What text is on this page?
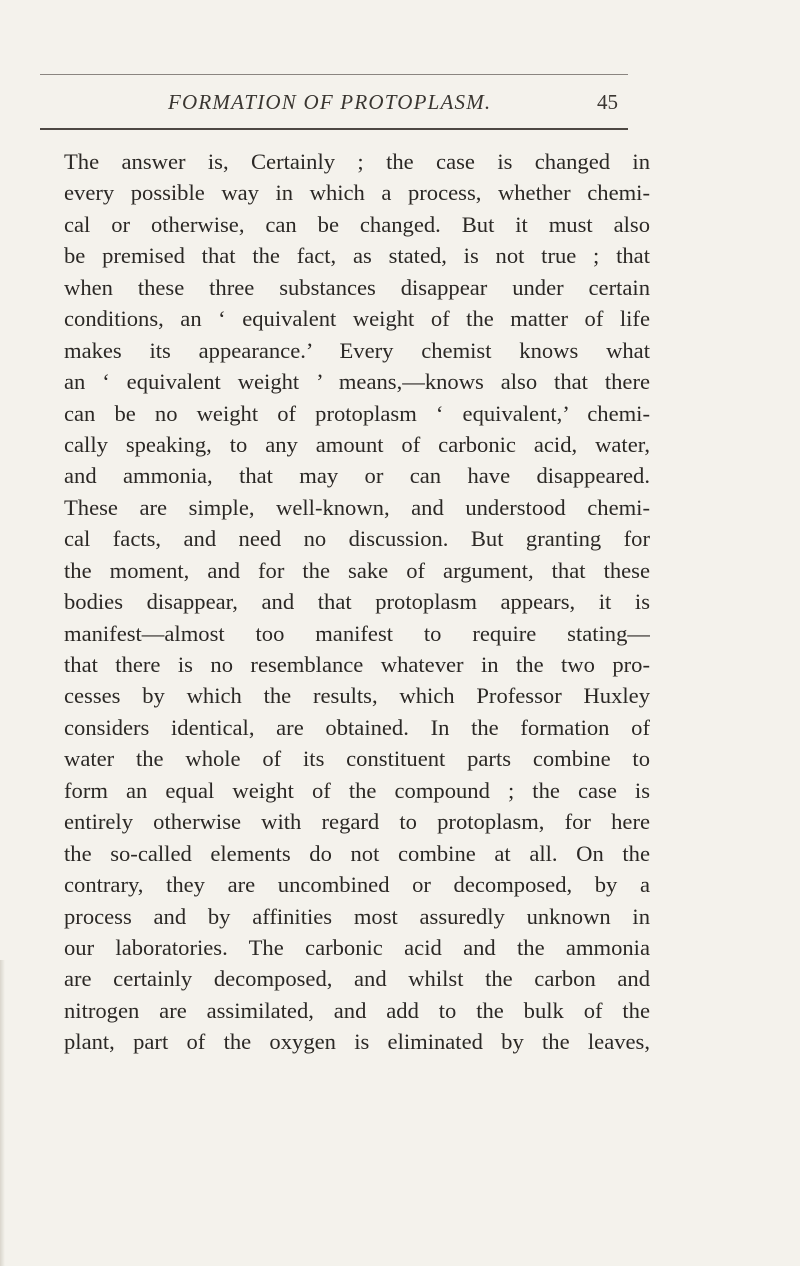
FORMATION OF PROTOPLASM.	45
The answer is, Certainly ; the case is changed in
every possible way in which a process, whether chemi-
cal or otherwise, can be changed. But it must also
be premised that the fact, as stated, is not true ; that
when these three substances disappear under certain
conditions, an ‘ equivalent weight of the matter of life
makes its appearance.’ Every chemist knows what
an ‘ equivalent weight ’ means,—knows also that there
can be no weight of protoplasm ‘ equivalent,’ chemi-
cally speaking, to any amount of carbonic acid, water,
and ammonia, that may or can have disappeared.
These are simple, well-known, and understood chemi-
cal facts, and need no discussion. But granting for
the moment, and for the sake of argument, that these
bodies disappear, and that protoplasm appears, it is
manifest—almost too manifest to require stating—
that there is no resemblance whatever in the two pro-
cesses by which the results, which Professor Huxley
considers identical, are obtained. In the formation of
water the whole of its constituent parts combine to
form an equal weight of the compound ; the case is
entirely otherwise with regard to protoplasm, for here
the so-called elements do not combine at all. On the
contrary, they are uncombined or decomposed, by a
process and by affinities most assuredly unknown in
our laboratories. The carbonic acid and the ammonia
are certainly decomposed, and whilst the carbon and
nitrogen are assimilated, and add to the bulk of the
plant, part of the oxygen is eliminated by the leaves,
